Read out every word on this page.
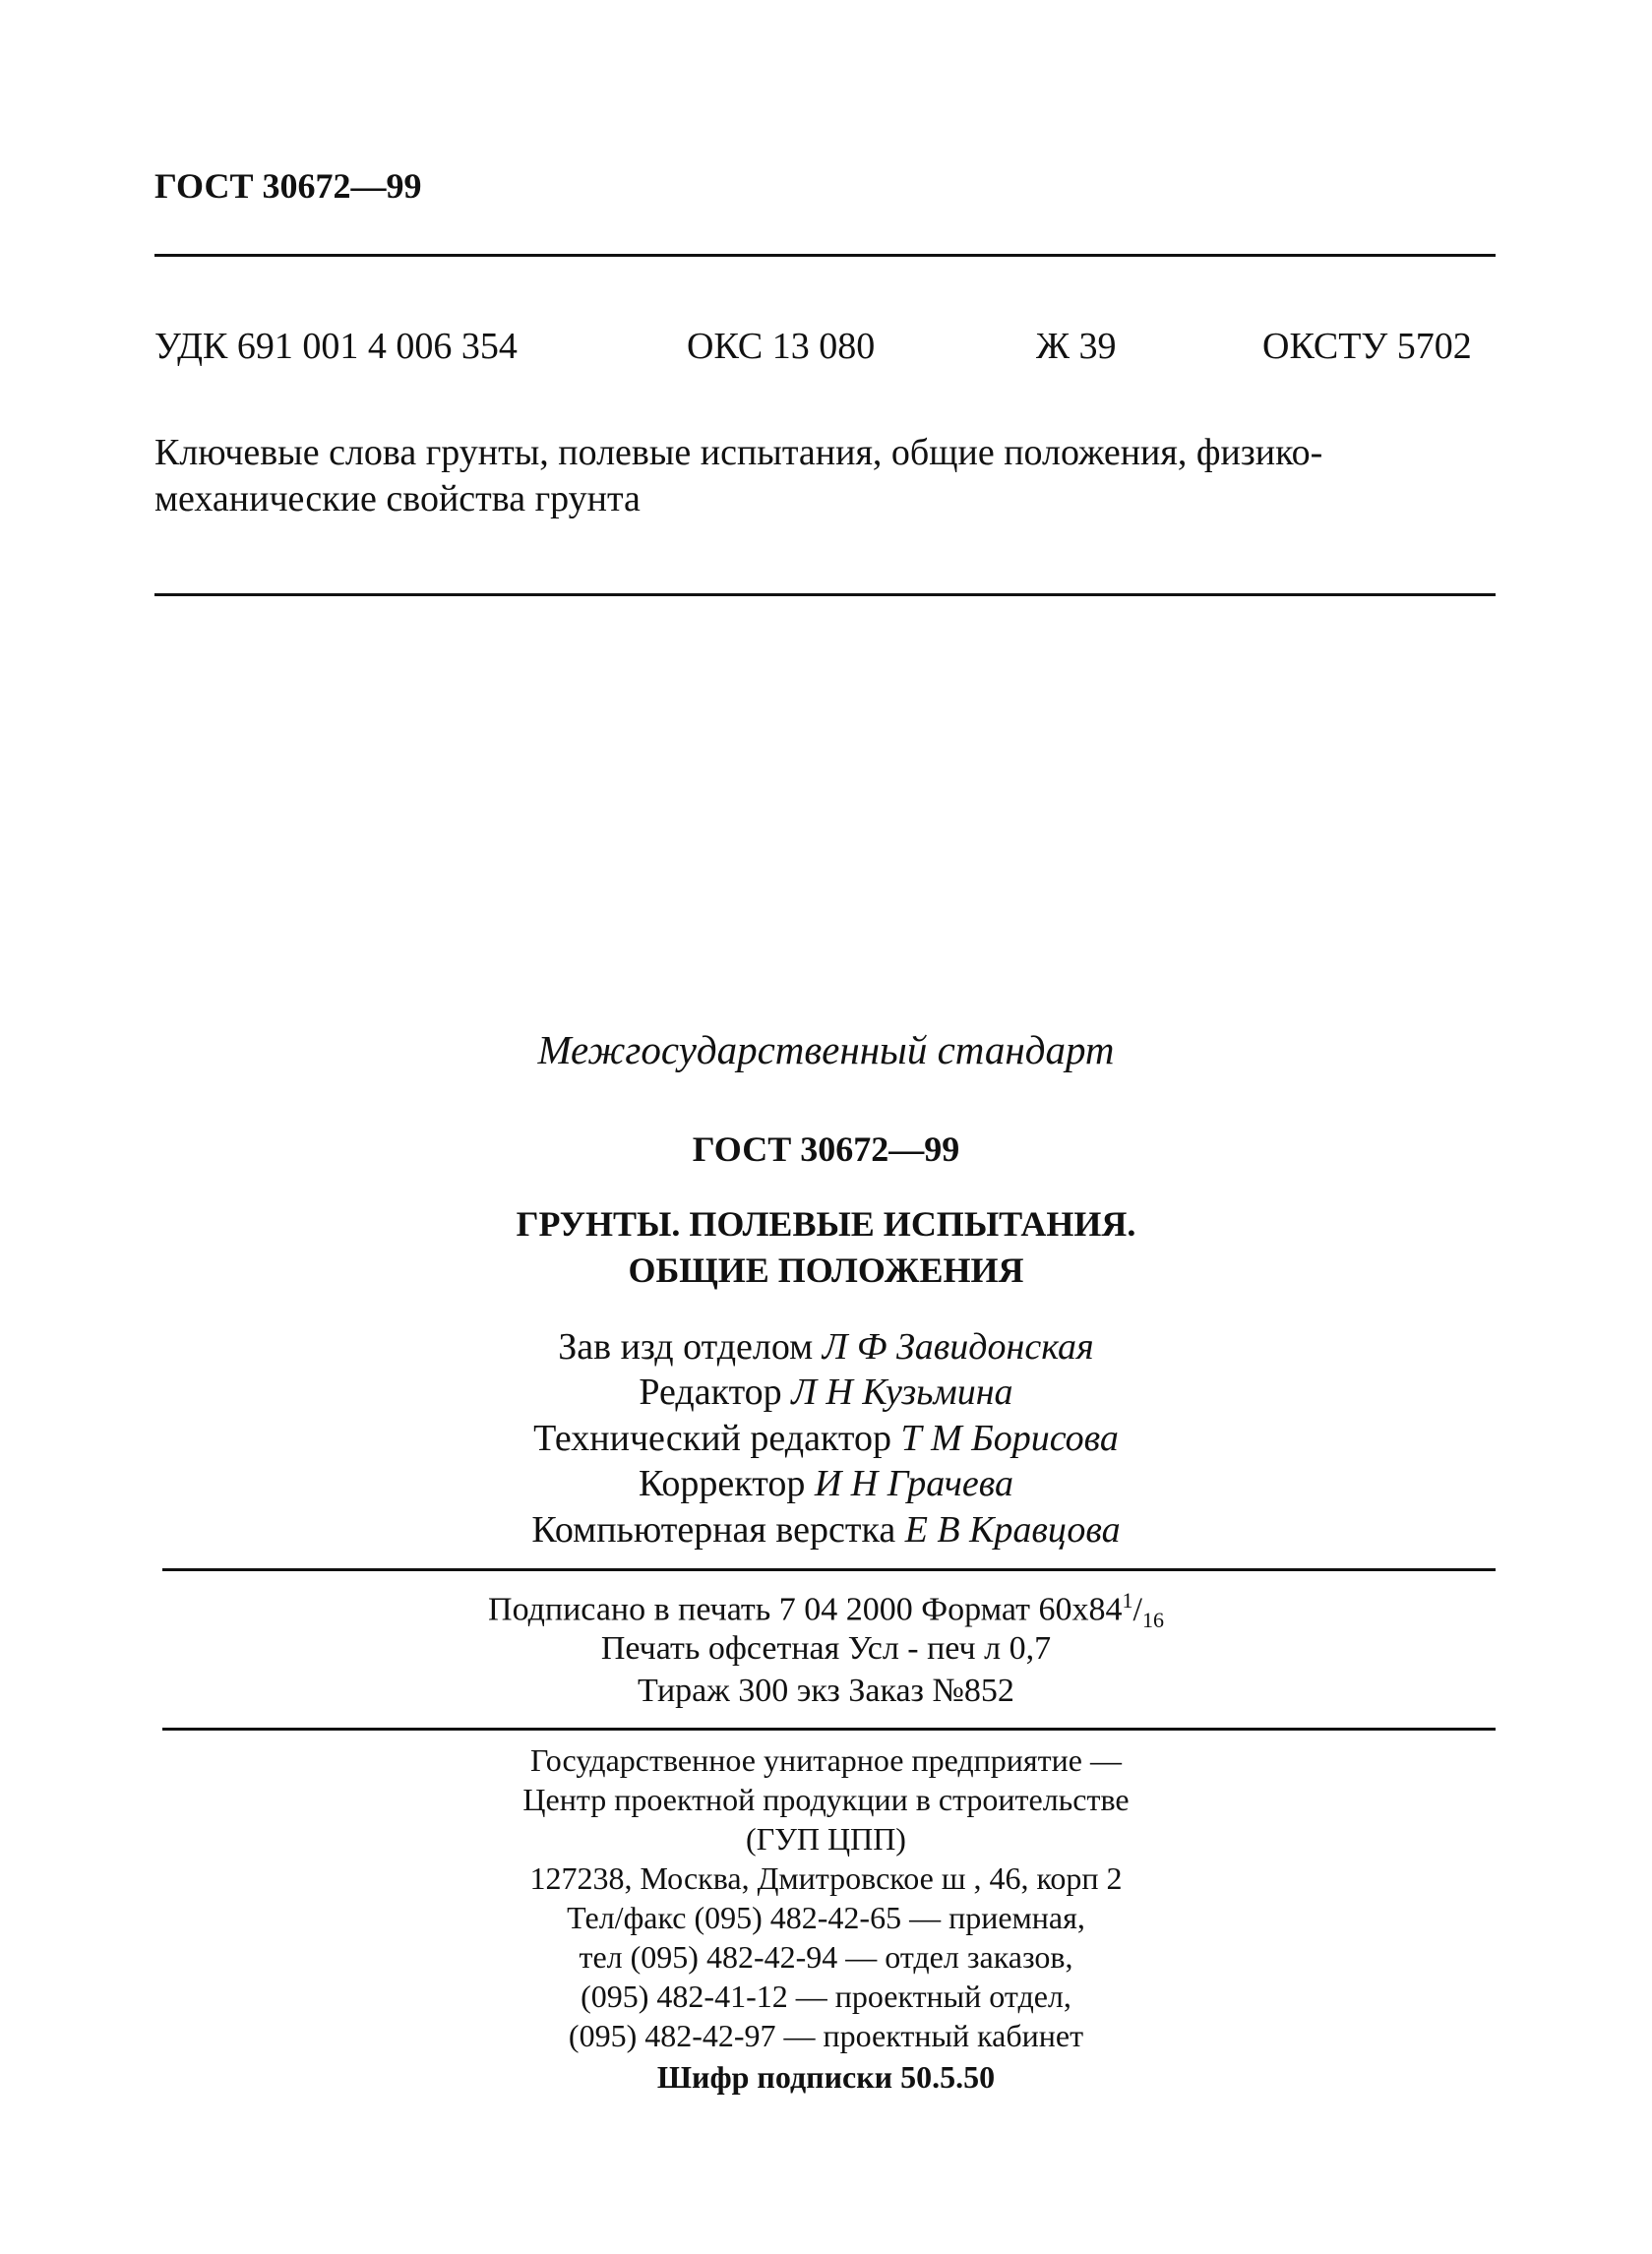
ГОСТ 30672—99
УДК 691 001 4 006 354	ОКС 13 080	Ж 39	ОКСТУ 5702
Ключевые слова грунты, полевые испытания, общие положения, физико-
механические свойства грунта
Межгосударственный стандарт
ГОСТ 30672—99
ГРУНТЫ. ПОЛЕВЫЕ ИСПЫТАНИЯ.
ОБЩИЕ ПОЛОЖЕНИЯ
Зав изд отделом Л Ф Завидонская
Редактор Л Н Кузьмина
Технический редактор Т М Борисова
Корректор И Н Грачева
Компьютерная верстка Е В Кравцова
Подписано в печать 7 04 2000 Формат $60х84^1/_{16}$
Печать офсетная Усл - печ л 0,7
Тираж 300 экз Заказ №852
Государственное унитарное предприятие —
Центр проектной продукции в строительстве
(ГУП ЦПП)
127238, Москва, Дмитровское ш , 46, корп 2
Тел/факс (095) 482-42-65 — приемная,
тел (095) 482-42-94 — отдел заказов,
(095) 482-41-12 — проектный отдел,
(095) 482-42-97 — проектный кабинет
Шифр подписки 50.5.50
